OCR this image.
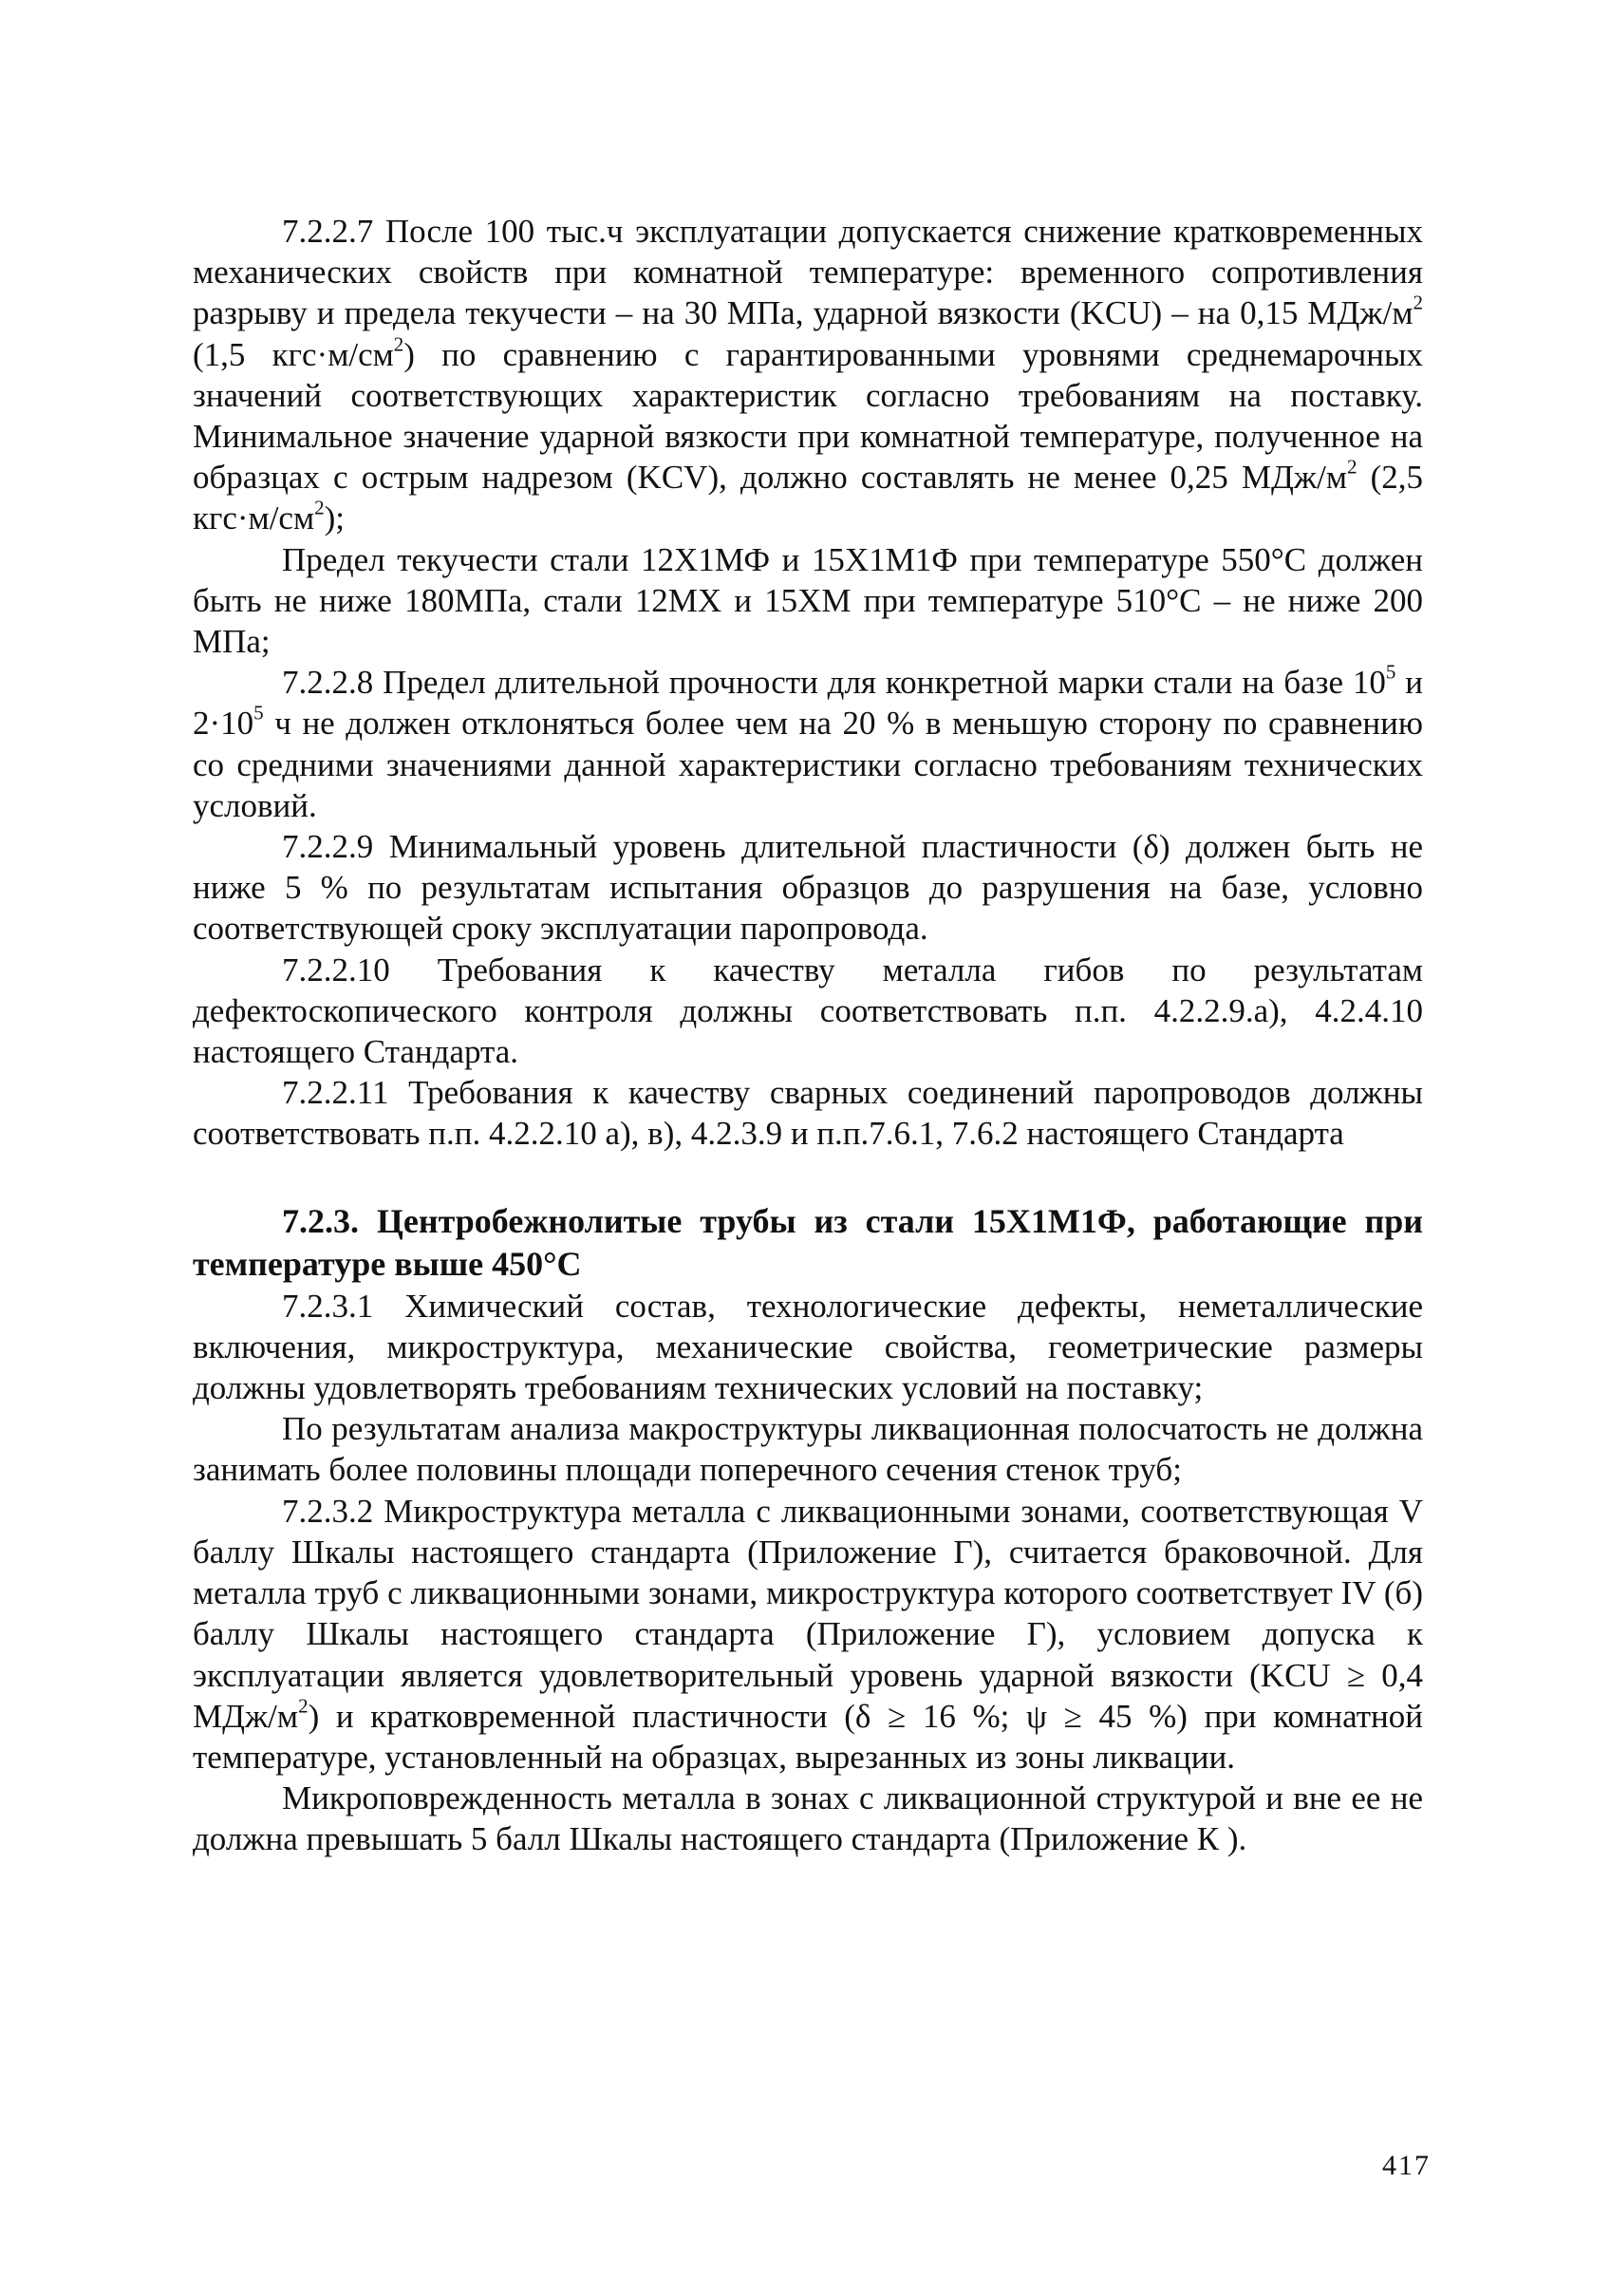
7.2.2.7 После 100 тыс.ч эксплуатации допускается снижение кратковременных механических свойств при комнатной температуре: временного сопротивления разрыву и предела текучести – на 30 МПа, ударной вязкости (KCU) – на 0,15 МДж/$м^2$ (1,5 $кгс\cdot м/см^2$) по сравнению с гарантированными уровнями среднемарочных значений соответствующих характеристик согласно требованиям на поставку. Минимальное значение ударной вязкости при комнатной температуре, полученное на образцах с острым надрезом (KCV), должно составлять не менее 0,25 МДж/$м^2$ (2,5 $кгс\cdot м/см^2$);

Предел текучести стали 12Х1МФ и 15Х1М1Ф при температуре 550°С должен быть не ниже 180МПа, стали 12МХ и 15ХМ при температуре 510°С – не ниже 200 МПа;

7.2.2.8 Предел длительной прочности для конкретной марки стали на базе $10^5$ и $2\cdot 10^5$ ч не должен отклоняться более чем на 20 % в меньшую сторону по сравнению со средними значениями данной характеристики согласно требованиям технических условий.

7.2.2.9 Минимальный уровень длительной пластичности (δ) должен быть не ниже 5 % по результатам испытания образцов до разрушения на базе, условно соответствующей сроку эксплуатации паропровода.

7.2.2.10 Требования к качеству металла гибов по результатам дефектоскопического контроля должны соответствовать п.п. 4.2.2.9.а), 4.2.4.10 настоящего Стандарта.

7.2.2.11 Требования к качеству сварных соединений паропроводов должны соответствовать п.п. 4.2.2.10 а), в), 4.2.3.9 и п.п.7.6.1, 7.6.2 настоящего Стандарта

7.2.3. Центробежнолитые трубы из стали 15Х1М1Ф, работающие при температуре выше 450°С

7.2.3.1 Химический состав, технологические дефекты, неметаллические включения, микроструктура, механические свойства, геометрические размеры должны удовлетворять требованиям технических условий на поставку;

По результатам анализа макроструктуры ликвационная полосчатость не должна занимать более половины площади поперечного сечения стенок труб;

7.2.3.2 Микроструктура металла с ликвационными зонами, соответствующая V баллу Шкалы настоящего стандарта (Приложение Г), считается браковочной. Для металла труб с ликвационными зонами, микроструктура которого соответствует IV (б) баллу Шкалы настоящего стандарта (Приложение Г), условием допуска к эксплуатации является удовлетворительный уровень ударной вязкости (KCU ≥ 0,4 МДж/$м^2$) и кратковременной пластичности (δ ≥ 16 %; ψ ≥ 45 %) при комнатной температуре, установленный на образцах, вырезанных из зоны ликвации.

Микроповрежденность металла в зонах с ликвационной структурой и вне ее не должна превышать 5 балл Шкалы настоящего стандарта (Приложение К ).

417
